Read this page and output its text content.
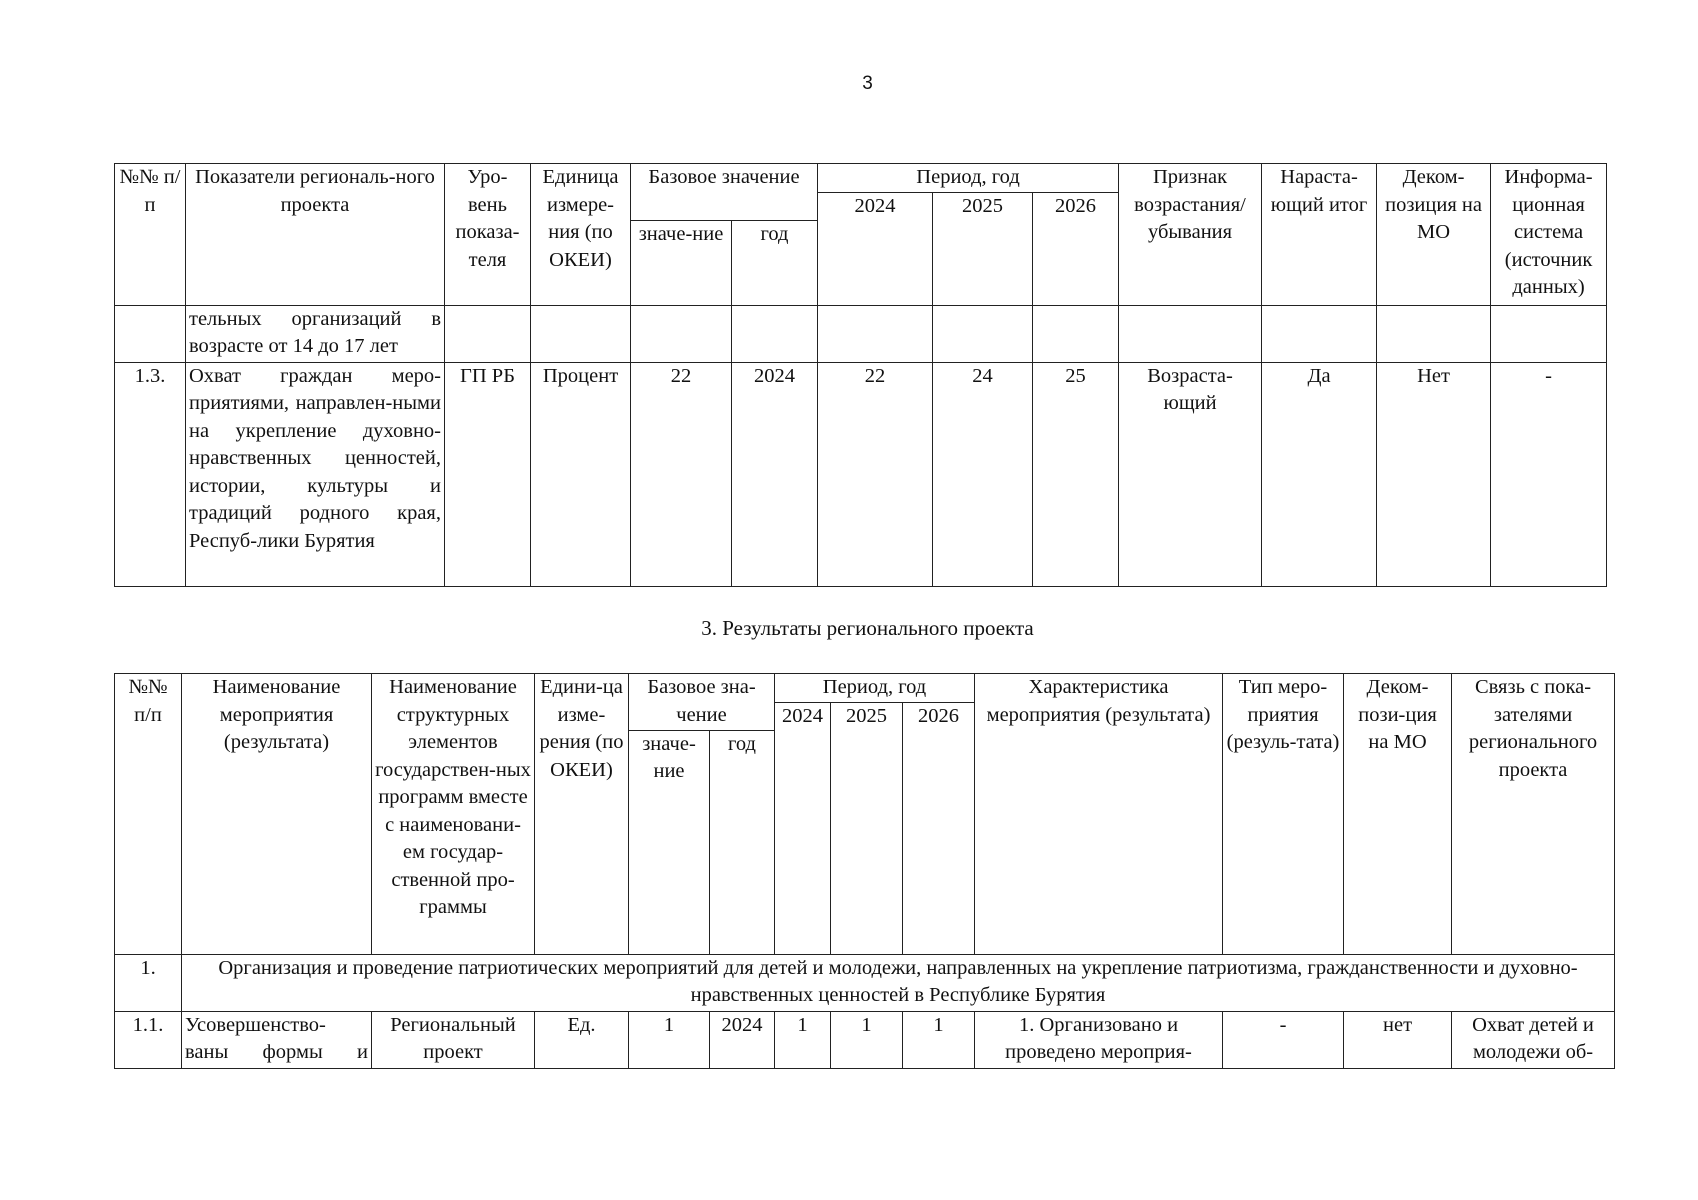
3
№№ п/п	Показатели региональ-ного проекта	Уро-вень показа-теля	Единица измере-ния (по ОКЕИ)	Базовое значение		Период, год			Признак возрастания/ убывания	Нараста-ющий итог	Деком-позиция на МО	Информа-ционная система (источник данных)
						2024	2025	2026				
				значе-ние	год							
	тельных организаций в возрасте от 14 до 17 лет											
1.3.	Охват граждан меро-приятиями, направлен-ными на укрепление духовно-нравственных ценностей, истории, культуры и традиций родного края, Респуб-лики Бурятия	ГП РБ	Процент	22	2024	22	24	25	Возраста-ющий	Да	Нет	-
3. Результаты регионального проекта
№№ п/п	Наименование мероприятия (результата)	Наименование структурных элементов государствен-ных программ вместе с наименовани-ем государ-ственной про-граммы	Едини-ца изме-рения (по ОКЕИ)	Базовое зна-чение		Период, год			Характеристика мероприятия (результата)	Тип меро-приятия (резуль-тата)	Деком-пози-ция на МО	Связь с пока-зателями регионального проекта
						2024	2025	2026				
				значе-ние	год							
1.	Организация и проведение патриотических мероприятий для детей и молодежи, направленных на укрепление патриотизма, гражданственности и духовно-нравственных ценностей в Республике Бурятия											
1.1.	Усовершенство-ваны формы и	Региональный проект	Ед.	1	2024	1	1	1	1. Организовано и проведено мероприя-	-	нет	Охват детей и молодежи об-
